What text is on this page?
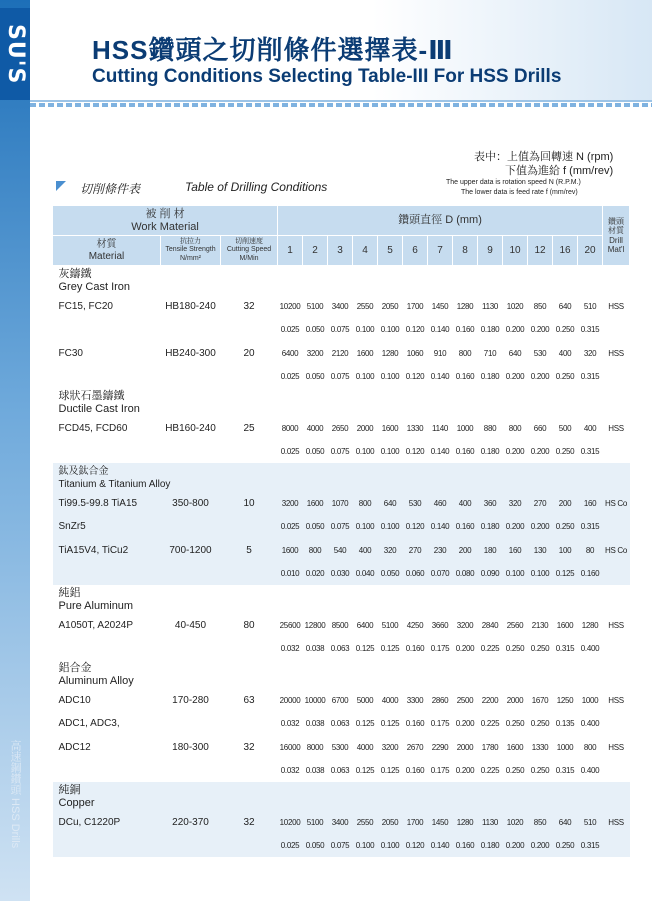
SU'S
高速鋼鑽頭 HSS Drills
HSS鑽頭之切削條件選擇表-Ⅲ
Cutting Conditions Selecting Table-III For HSS Drills
表中：上值為回轉速 N (rpm)
下值為進給 f (mm/rev)
The upper data is rotation speed N (R.P.M.)
The lower data is feed rate f (mm/rev)
切削條件表	Table of Drilling Conditions
被 削 材
Work Material			鑽頭直徑 D (mm)													鑽頭
材質
Drill
Mat'l
材質
Material	抗拉力
Tensile Strength
N/mm²	切削速度
Cutting Speed
M/Min	1	2	3	4	5	6	7	8	9	10	12	16	20	
灰鑄鐵
Grey Cast Iron																
FC15, FC20	HB180-240	32	10200	5100	3400	2550	2050	1700	1450	1280	1130	1020	850	640	510	HSS
			0.025	0.050	0.075	0.100	0.100	0.120	0.140	0.160	0.180	0.200	0.200	0.250	0.315	
FC30	HB240-300	20	6400	3200	2120	1600	1280	1060	910	800	710	640	530	400	320	HSS
			0.025	0.050	0.075	0.100	0.100	0.120	0.140	0.160	0.180	0.200	0.200	0.250	0.315	
球狀石墨鑄鐵
Ductile Cast Iron																
FCD45, FCD60	HB160-240	25	8000	4000	2650	2000	1600	1330	1140	1000	880	800	660	500	400	HSS
			0.025	0.050	0.075	0.100	0.100	0.120	0.140	0.160	0.180	0.200	0.200	0.250	0.315	
鈦及鈦合金
Titanium & Titanium Alloy																
Ti99.5-99.8 TiA15	350-800	10	3200	1600	1070	800	640	530	460	400	360	320	270	200	160	HS Co
SnZr5			0.025	0.050	0.075	0.100	0.100	0.120	0.140	0.160	0.180	0.200	0.200	0.250	0.315	
TiA15V4, TiCu2	700-1200	5	1600	800	540	400	320	270	230	200	180	160	130	100	80	HS Co
			0.010	0.020	0.030	0.040	0.050	0.060	0.070	0.080	0.090	0.100	0.100	0.125	0.160	
純鋁
Pure Aluminum																
A1050T, A2024P	40-450	80	25600	12800	8500	6400	5100	4250	3660	3200	2840	2560	2130	1600	1280	HSS
			0.032	0.038	0.063	0.125	0.125	0.160	0.175	0.200	0.225	0.250	0.250	0.315	0.400	
鋁合金
Aluminum Alloy																
ADC10	170-280	63	20000	10000	6700	5000	4000	3300	2860	2500	2200	2000	1670	1250	1000	HSS
ADC1, ADC3,			0.032	0.038	0.063	0.125	0.125	0.160	0.175	0.200	0.225	0.250	0.250	0.135	0.400	
ADC12	180-300	32	16000	8000	5300	4000	3200	2670	2290	2000	1780	1600	1330	1000	800	HSS
			0.032	0.038	0.063	0.125	0.125	0.160	0.175	0.200	0.225	0.250	0.250	0.315	0.400	
純銅
Copper																
DCu, C1220P	220-370	32	10200	5100	3400	2550	2050	1700	1450	1280	1130	1020	850	640	510	HSS
			0.025	0.050	0.075	0.100	0.100	0.120	0.140	0.160	0.180	0.200	0.200	0.250	0.315	
